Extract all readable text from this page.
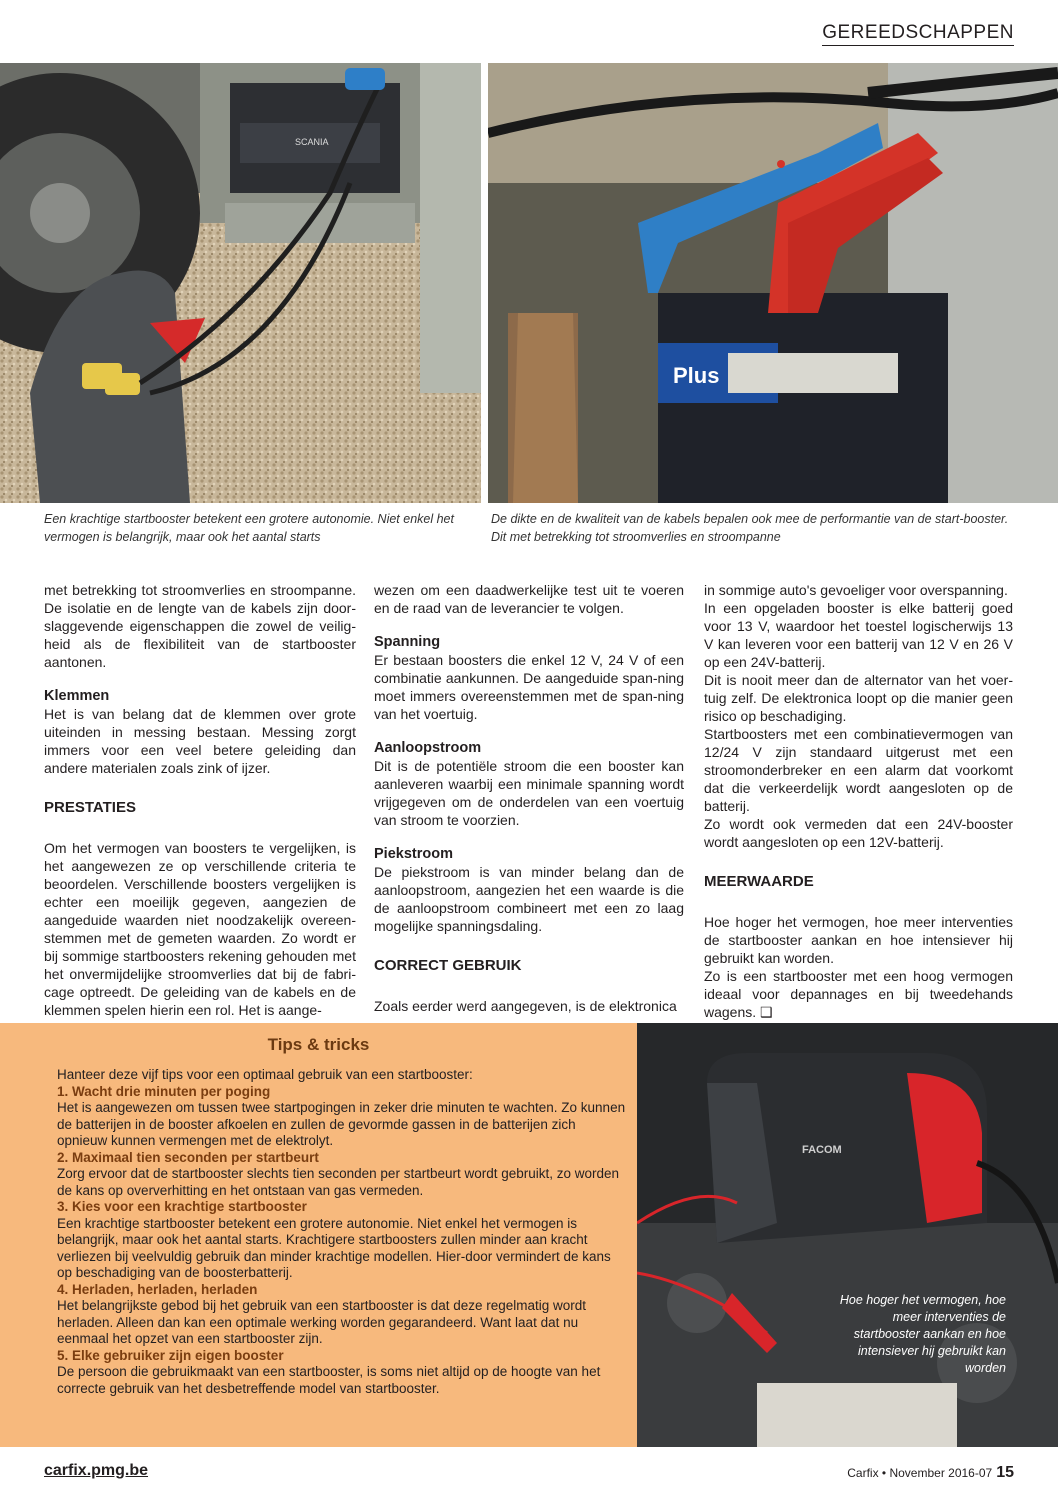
GEREEDSCHAPPEN
SCANIA
Plus
Een krachtige startbooster betekent een grotere autonomie. Niet enkel het vermogen is belangrijk, maar ook het aantal starts
De dikte en de kwaliteit van de kabels bepalen ook mee de performantie van de start-booster. Dit met betrekking tot stroomverlies en stroompanne

met betrekking tot stroomverlies en stroompanne. De isolatie en de lengte van de kabels zijn door-slaggevende eigenschappen die zowel de veilig-heid als de flexibiliteit van de startbooster aantonen.

Klemmen

Het is van belang dat de klemmen over grote uiteinden in messing bestaan. Messing zorgt immers voor een veel betere geleiding dan andere materialen zoals zink of ijzer.

PRESTATIES

Om het vermogen van boosters te vergelijken, is het aangewezen ze op verschillende criteria te beoordelen. Verschillende boosters vergelijken is echter een moeilijk gegeven, aangezien de aangeduide waarden niet noodzakelijk overeen-stemmen met de gemeten waarden. Zo wordt er bij sommige startboosters rekening gehouden met het onvermijdelijke stroomverlies dat bij de fabri-cage optreedt. De geleiding van de kabels en de klemmen spelen hierin een rol. Het is aange-

wezen om een daadwerkelijke test uit te voeren en de raad van de leverancier te volgen.

Spanning

Er bestaan boosters die enkel 12 V, 24 V of een combinatie aankunnen. De aangeduide span-ning moet immers overeenstemmen met de span-ning van het voertuig.

Aanloopstroom

Dit is de potentiële stroom die een booster kan aanleveren waarbij een minimale spanning wordt vrijgegeven om de onderdelen van een voertuig van stroom te voorzien.

Piekstroom

De piekstroom is van minder belang dan de aanloopstroom, aangezien het een waarde is die de aanloopstroom combineert met een zo laag mogelijke spanningsdaling.

CORRECT GEBRUIK

Zoals eerder werd aangegeven, is de elektronica

in sommige auto's gevoeliger voor overspanning.

In een opgeladen booster is elke batterij goed voor 13 V, waardoor het toestel logischerwijs 13 V kan leveren voor een batterij van 12 V en 26 V op een 24V-batterij.

Dit is nooit meer dan de alternator van het voer-tuig zelf. De elektronica loopt op die manier geen risico op beschadiging.

Startboosters met een combinatievermogen van 12/24 V zijn standaard uitgerust met een stroomonderbreker en een alarm dat voorkomt dat die verkeerdelijk wordt aangesloten op de batterij.

Zo wordt ook vermeden dat een 24V-booster wordt aangesloten op een 12V-batterij.

MEERWAARDE

Hoe hoger het vermogen, hoe meer interventies de startbooster aankan en hoe intensiever hij gebruikt kan worden.

Zo is een startbooster met een hoog vermogen ideaal voor depannages en bij tweedehands wagens. ❑

Tips & tricks

Hanteer deze vijf tips voor een optimaal gebruik van een startbooster:

1. Wacht drie minuten per poging

Het is aangewezen om tussen twee startpogingen in zeker drie minuten te wachten. Zo kunnen de batterijen in de booster afkoelen en zullen de gevormde gassen in de batterijen zich opnieuw kunnen vermengen met de elektrolyt.

2. Maximaal tien seconden per startbeurt

Zorg ervoor dat de startbooster slechts tien seconden per startbeurt wordt gebruikt, zo worden de kans op oververhitting en het ontstaan van gas vermeden.

3. Kies voor een krachtige startbooster

Een krachtige startbooster betekent een grotere autonomie. Niet enkel het vermogen is belangrijk, maar ook het aantal starts. Krachtigere startboosters zullen minder aan kracht verliezen bij veelvuldig gebruik dan minder krachtige modellen. Hier-door vermindert de kans op beschadiging van de boosterbatterij.

4. Herladen, herladen, herladen

Het belangrijkste gebod bij het gebruik van een startbooster is dat deze regelmatig wordt herladen. Alleen dan kan een optimale werking worden gegarandeerd. Want laat dat nu eenmaal het opzet van een startbooster zijn.

5. Elke gebruiker zijn eigen booster

De persoon die gebruikmaakt van een startbooster, is soms niet altijd op de hoogte van het correcte gebruik van het desbetreffende model van startbooster.

FACOM
Hoe hoger het vermogen, hoe meer interventies de startbooster aankan en hoe intensiever hij gebruikt kan worden
carfix.pmg.be	Carfix • November 2016-07 15
